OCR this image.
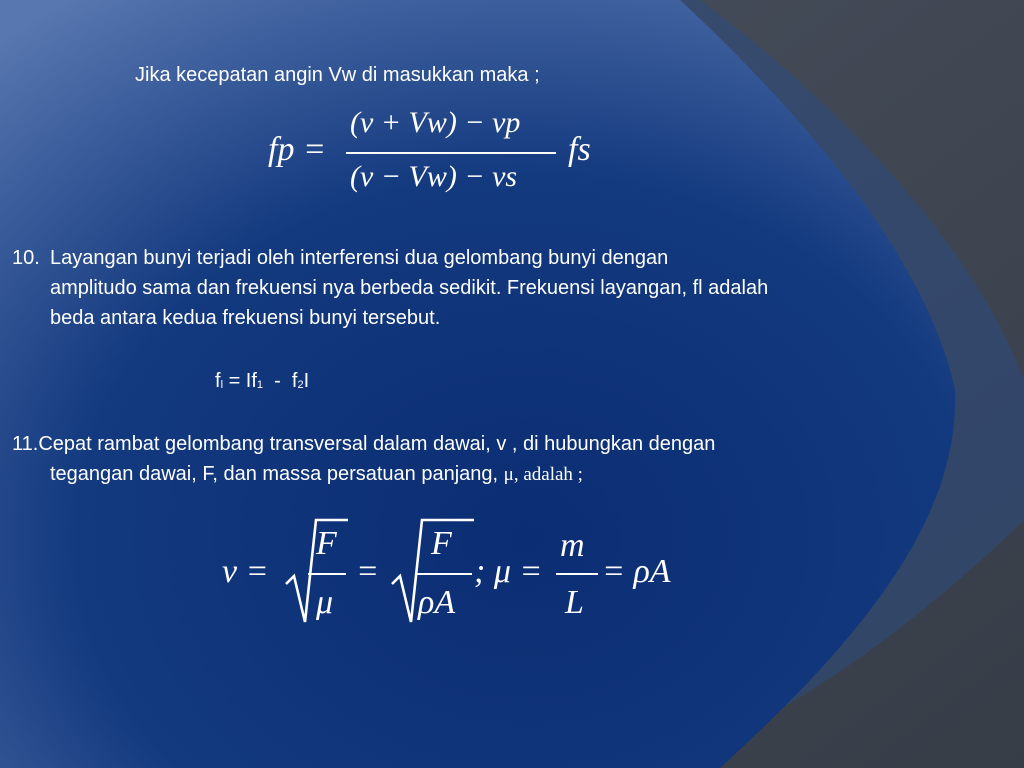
Jika kecepatan angin Vw di masukkan maka ;
fp =
(v + Vw) − vp
(v − Vw) − vs
fs
10. Layangan bunyi terjadi oleh interferensi dua gelombang bunyi dengan
amplitudo sama dan frekuensi nya berbeda sedikit. Frekuensi layangan, fl adalah
beda antara kedua frekuensi bunyi tersebut.
fl = If1  -  f2I
11.Cepat rambat gelombang transversal dalam dawai, v , di hubungkan dengan
tegangan dawai, F, dan massa persatuan panjang, μ, adalah ;
v =
F
μ
=
F
ρA
; μ =
m
L
= ρA
